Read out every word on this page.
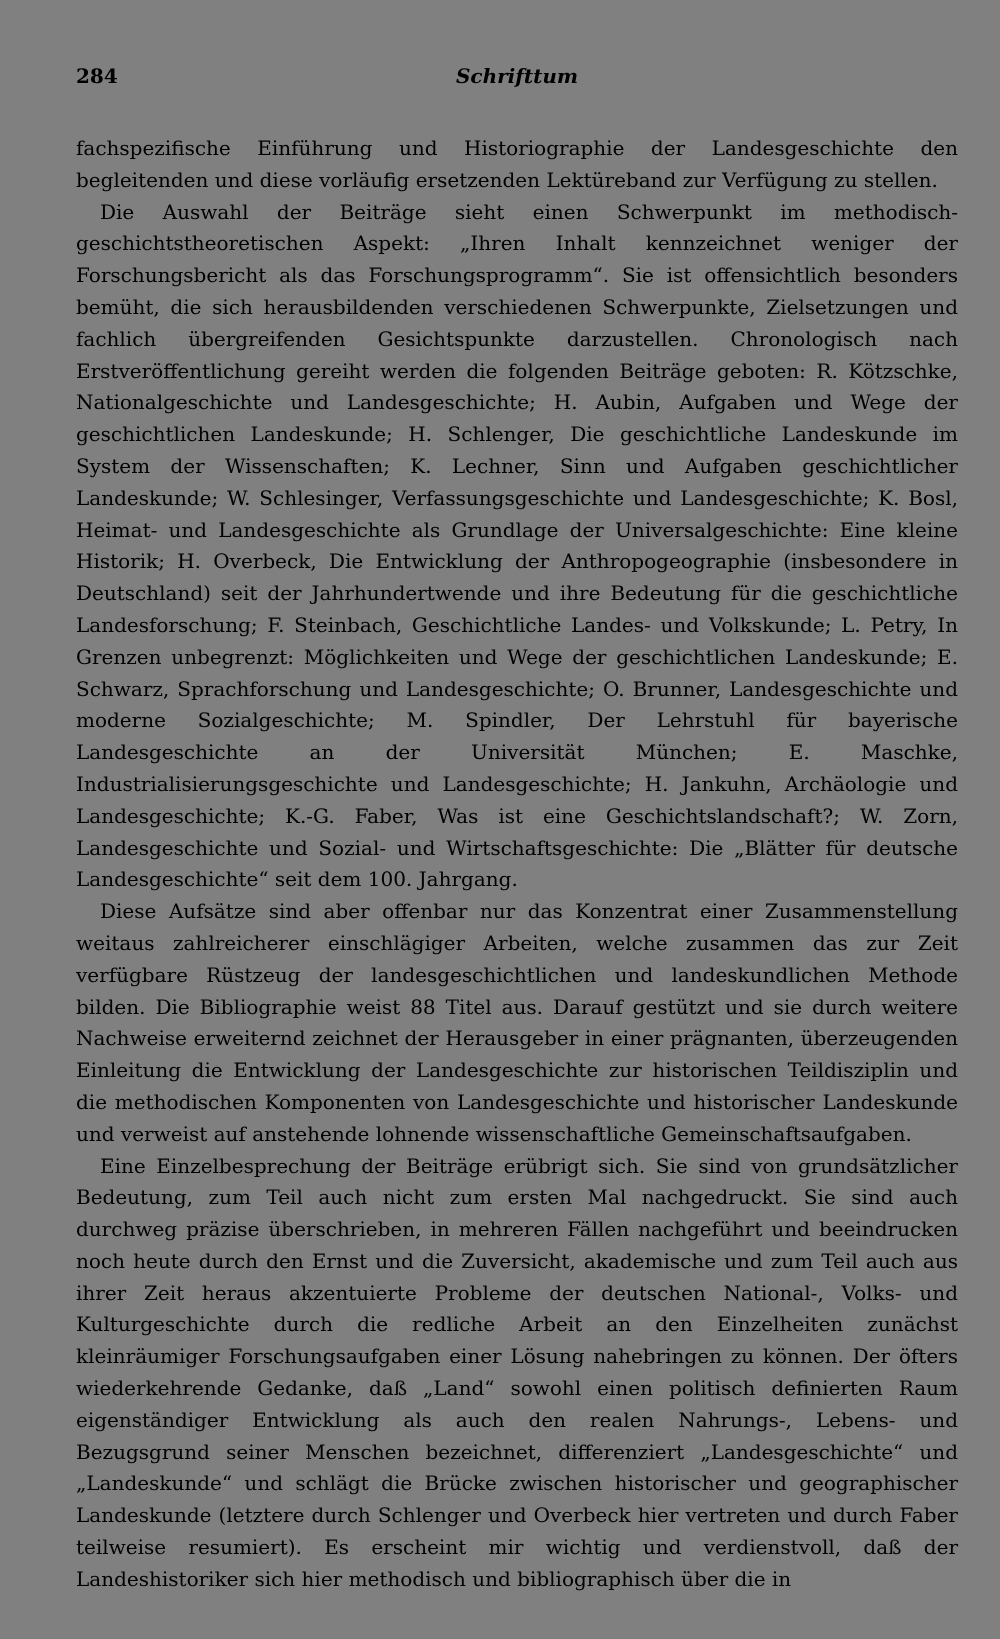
284	Schrifttum

fachspezifische Einführung und Historiographie der Landesgeschichte den begleitenden und diese vorläufig ersetzenden Lektüreband zur Verfügung zu stellen.

Die Auswahl der Beiträge sieht einen Schwerpunkt im methodisch-geschichtstheoretischen Aspekt: „Ihren Inhalt kennzeichnet weniger der Forschungsbericht als das Forschungsprogramm“. Sie ist offensichtlich besonders bemüht, die sich herausbildenden verschiedenen Schwerpunkte, Zielsetzungen und fachlich übergreifenden Gesichtspunkte darzustellen. Chronologisch nach Erstveröffentlichung gereiht werden die folgenden Beiträge geboten: R. Kötzschke, Nationalgeschichte und Landesgeschichte; H. Aubin, Aufgaben und Wege der geschichtlichen Landeskunde; H. Schlenger, Die geschichtliche Landeskunde im System der Wissenschaften; K. Lechner, Sinn und Aufgaben geschichtlicher Landeskunde; W. Schlesinger, Verfassungsgeschichte und Landesgeschichte; K. Bosl, Heimat- und Landesgeschichte als Grundlage der Universalgeschichte: Eine kleine Historik; H. Overbeck, Die Entwicklung der Anthropogeographie (insbesondere in Deutschland) seit der Jahrhundertwende und ihre Bedeutung für die geschichtliche Landesforschung; F. Steinbach, Geschichtliche Landes- und Volkskunde; L. Petry, In Grenzen unbegrenzt: Möglichkeiten und Wege der geschichtlichen Landeskunde; E. Schwarz, Sprachforschung und Landesgeschichte; O. Brunner, Landesgeschichte und moderne Sozialgeschichte; M. Spindler, Der Lehrstuhl für bayerische Landesgeschichte an der Universität München; E. Maschke, Industrialisierungsgeschichte und Landesgeschichte; H. Jankuhn, Archäologie und Landesgeschichte; K.-G. Faber, Was ist eine Geschichtslandschaft?; W. Zorn, Landesgeschichte und Sozial- und Wirtschaftsgeschichte: Die „Blätter für deutsche Landesgeschichte“ seit dem 100. Jahrgang.

Diese Aufsätze sind aber offenbar nur das Konzentrat einer Zusammenstellung weitaus zahlreicherer einschlägiger Arbeiten, welche zusammen das zur Zeit verfügbare Rüstzeug der landesgeschichtlichen und landeskundlichen Methode bilden. Die Bibliographie weist 88 Titel aus. Darauf gestützt und sie durch weitere Nachweise erweiternd zeichnet der Herausgeber in einer prägnanten, überzeugenden Einleitung die Entwicklung der Landesgeschichte zur historischen Teildisziplin und die methodischen Komponenten von Landesgeschichte und historischer Landeskunde und verweist auf anstehende lohnende wissenschaftliche Gemeinschaftsaufgaben.

Eine Einzelbesprechung der Beiträge erübrigt sich. Sie sind von grundsätzlicher Bedeutung, zum Teil auch nicht zum ersten Mal nachgedruckt. Sie sind auch durchweg präzise überschrieben, in mehreren Fällen nachgeführt und beeindrucken noch heute durch den Ernst und die Zuversicht, akademische und zum Teil auch aus ihrer Zeit heraus akzentuierte Probleme der deutschen National-, Volks- und Kulturgeschichte durch die redliche Arbeit an den Einzelheiten zunächst kleinräumiger Forschungsaufgaben einer Lösung nahebringen zu können. Der öfters wiederkehrende Gedanke, daß „Land“ sowohl einen politisch definierten Raum eigenständiger Entwicklung als auch den realen Nahrungs-, Lebens- und Bezugsgrund seiner Menschen bezeichnet, differenziert „Landesgeschichte“ und „Landeskunde“ und schlägt die Brücke zwischen historischer und geographischer Landeskunde (letztere durch Schlenger und Overbeck hier vertreten und durch Faber teilweise resumiert). Es erscheint mir wichtig und verdienstvoll, daß der Landeshistoriker sich hier methodisch und bibliographisch über die in
